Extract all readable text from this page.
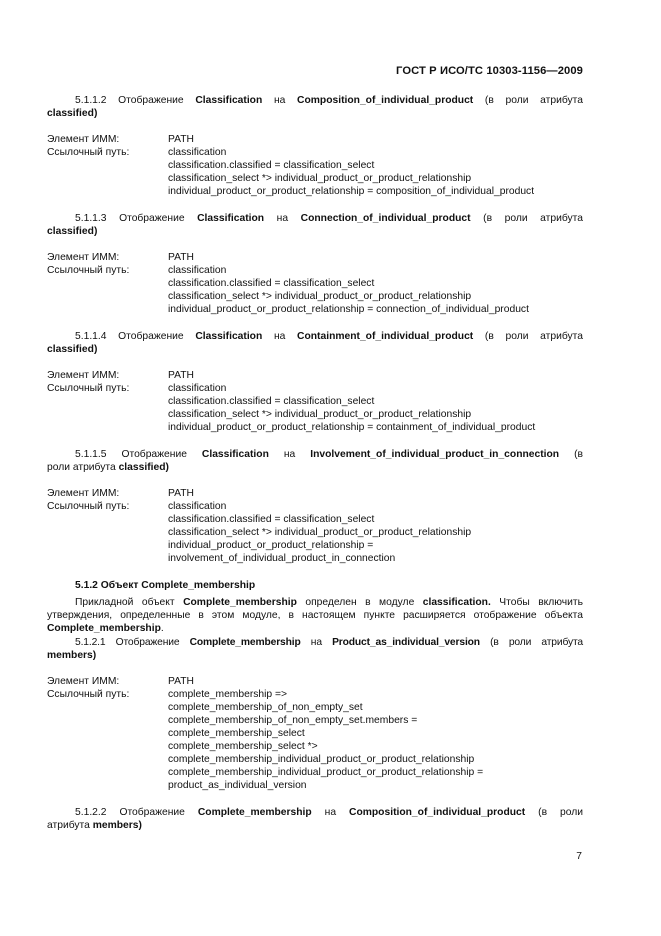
ГОСТ Р ИСО/ТС 10303-1156—2009
5.1.1.2 Отображение Classification на Composition_of_individual_product (в роли атрибута
classified)
Элемент ИММ:	PATH
Ссылочный путь:	classification
classification.classified = classification_select
classification_select *> individual_product_or_product_relationship
individual_product_or_product_relationship = composition_of_individual_product
5.1.1.3 Отображение Classification на Connection_of_individual_product (в роли атрибута
classified)
Элемент ИММ:	PATH
Ссылочный путь:	classification
classification.classified = classification_select
classification_select *> individual_product_or_product_relationship
individual_product_or_product_relationship = connection_of_individual_product
5.1.1.4 Отображение Classification на Containment_of_individual_product (в роли атрибута
classified)
Элемент ИММ:	PATH
Ссылочный путь:	classification
classification.classified = classification_select
classification_select *> individual_product_or_product_relationship
individual_product_or_product_relationship = containment_of_individual_product
5.1.1.5 Отображение Classification на Involvement_of_individual_product_in_connection (в
роли атрибута classified)
Элемент ИММ:	PATH
Ссылочный путь:	classification
classification.classified = classification_select
classification_select *> individual_product_or_product_relationship
individual_product_or_product_relationship =
involvement_of_individual_product_in_connection
5.1.2 Объект Complete_membership
Прикладной объект Complete_membership определен в модуле classification. Чтобы включить утверждения, определенные в этом модуле, в настоящем пункте расширяется отображение объекта Complete_membership.
5.1.2.1 Отображение Complete_membership на Product_as_individual_version (в роли атрибута
members)
Элемент ИММ:	PATH
Ссылочный путь:	complete_membership =>
complete_membership_of_non_empty_set
complete_membership_of_non_empty_set.members =
complete_membership_select
complete_membership_select *>
complete_membership_individual_product_or_product_relationship
complete_membership_individual_product_or_product_relationship =
product_as_individual_version
5.1.2.2 Отображение Complete_membership на Composition_of_individual_product (в роли
атрибута members)
7
